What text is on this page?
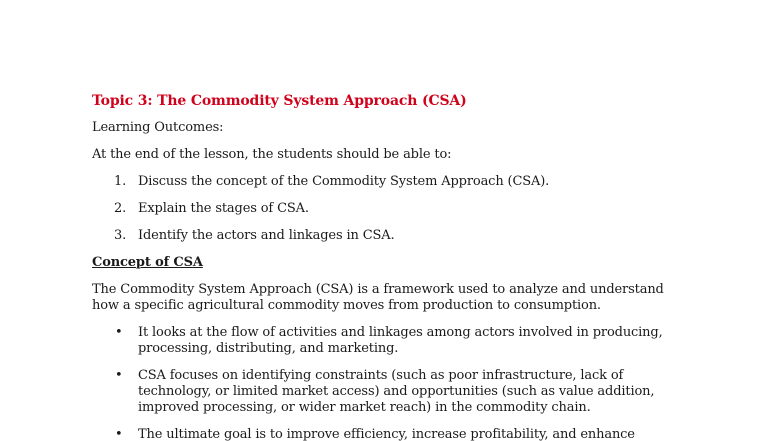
Topic 3: The Commodity System Approach (CSA)
Learning Outcomes:
At the end of the lesson, the students should be able to:
1. Discuss the concept of the Commodity System Approach (CSA).
2. Explain the stages of CSA.
3. Identify the actors and linkages in CSA.
Concept of CSA
The Commodity System Approach (CSA) is a framework used to analyze and understand how a specific agricultural commodity moves from production to consumption.
• It looks at the flow of activities and linkages among actors involved in producing, processing, distributing, and marketing.
• CSA focuses on identifying constraints (such as poor infrastructure, lack of technology, or limited market access) and opportunities (such as value addition, improved processing, or wider market reach) in the commodity chain.
• The ultimate goal is to improve efficiency, increase profitability, and enhance
